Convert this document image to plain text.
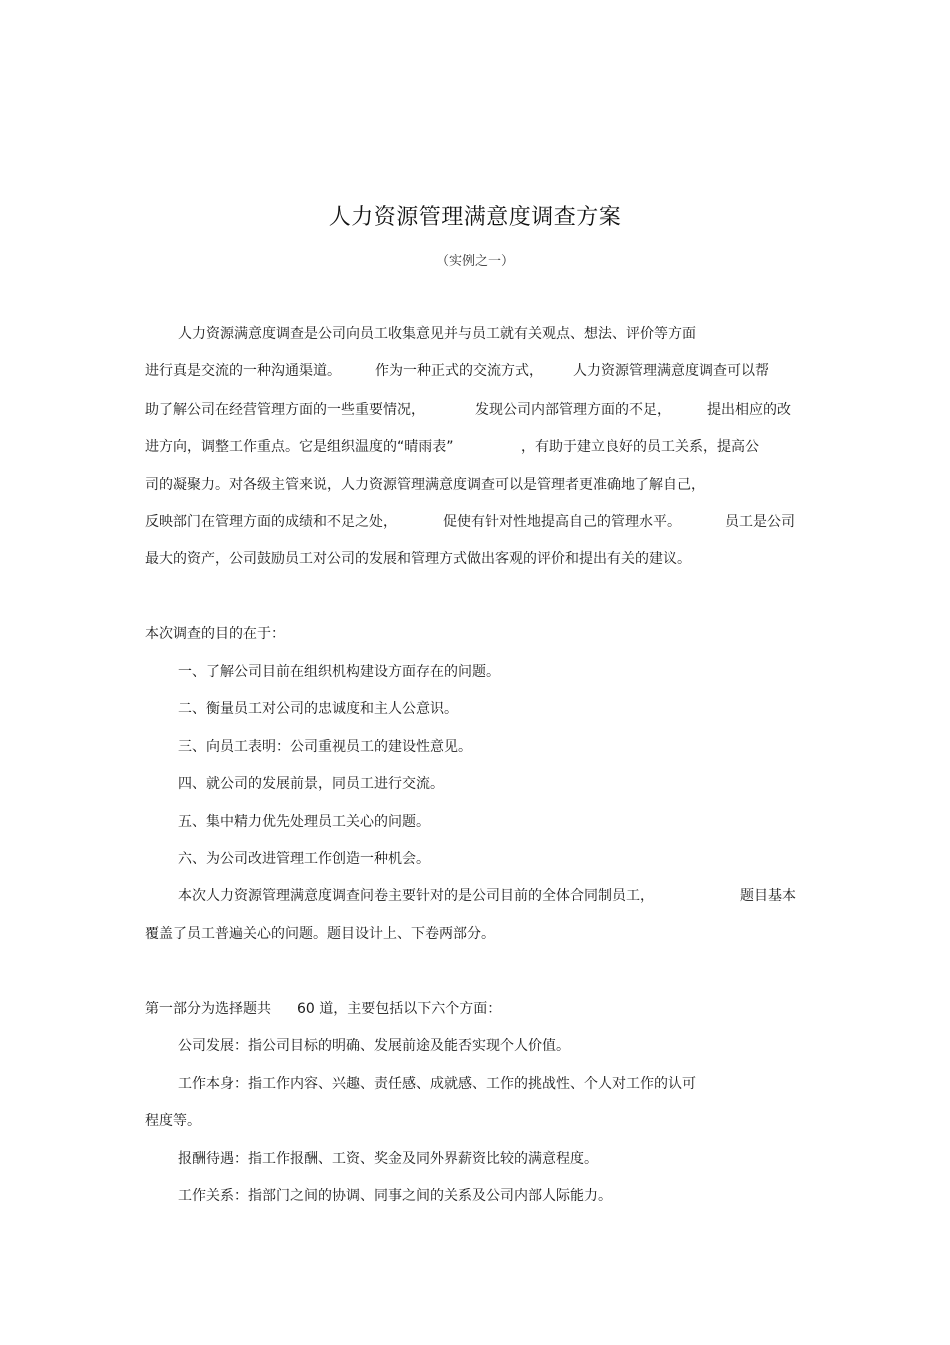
人力资源管理满意度调查方案
（实例之一）
人力资源满意度调查是公司向员工收集意见并与员工就有关观点、想法、评价等方面
进行真是交流的一种沟通渠道。 作为一种正式的交流方式， 人力资源管理满意度调查可以帮
助了解公司在经营管理方面的一些重要情况，	发现公司内部管理方面的不足，	提出相应的改
进方向，调整工作重点。它是组织温度的“晴雨表”	，有助于建立良好的员工关系，提高公
司的凝聚力。对各级主管来说，人力资源管理满意度调查可以是管理者更准确地了解自己，
反映部门在管理方面的成绩和不足之处，	促使有针对性地提高自己的管理水平。	员工是公司
最大的资产，公司鼓励员工对公司的发展和管理方式做出客观的评价和提出有关的建议。
本次调查的目的在于：
一、了解公司目前在组织机构建设方面存在的问题。
二、衡量员工对公司的忠诚度和主人公意识。
三、向员工表明：公司重视员工的建设性意见。
四、就公司的发展前景，同员工进行交流。
五、集中精力优先处理员工关心的问题。
六、为公司改进管理工作创造一种机会。
本次人力资源管理满意度调查问卷主要针对的是公司目前的全体合同制员工，	题目基本
覆盖了员工普遍关心的问题。题目设计上、下卷两部分。
第一部分为选择题共 60 道，主要包括以下六个方面：
公司发展：指公司目标的明确、发展前途及能否实现个人价值。
工作本身：指工作内容、兴趣、责任感、成就感、工作的挑战性、个人对工作的认可
程度等。
报酬待遇：指工作报酬、工资、奖金及同外界薪资比较的满意程度。
工作关系：指部门之间的协调、同事之间的关系及公司内部人际能力。
